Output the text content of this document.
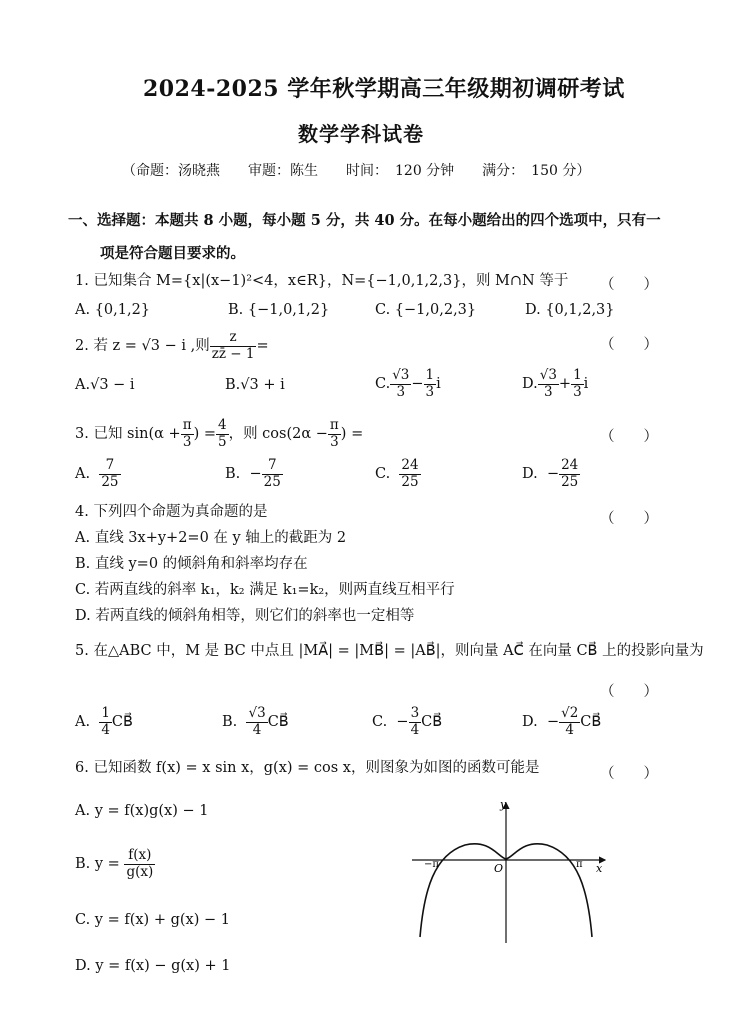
2024-2025 学年秋学期高三年级期初调研考试
数学学科试卷
（命题：汤晓燕　　审题：陈生　　时间：　120 分钟　　满分：　150 分）
一、选择题：本题共 8 小题，每小题 5 分，共 40 分。在每小题给出的四个选项中，只有一
项是符合题目要求的。
1. 已知集合 M={x|(x−1)²<4，x∈R}，N={−1,0,1,2,3}，则 M∩N 等于 （　　）
A. {0,1,2}	B. {−1,0,1,2}	C. {−1,0,2,3}	D. {0,1,2,3}
2. 若 z = √3 − i ,则 $\frac{z}{zz̄ - 1}$ =	（　　）
A.√3 − i	B.√3 + i	C. $\frac{√3}{3} - \frac{1}{3}$ i	D. $\frac{√3}{3} + \frac{1}{3}$ i
3. 已知 $\sin(\alpha + \frac{\pi}{3}$ ) = $\frac{4}{5}$ ，则 $\cos(2\alpha - \frac{\pi}{3}$ ) =	（　　）
A. $\frac{7}{25}$	B. − $\frac{7}{25}$	C. $\frac{24}{25}$	D. − $\frac{24}{25}$
4. 下列四个命题为真命题的是	（　　）
A. 直线 3x+y+2=0 在 y 轴上的截距为 2
B. 直线 y=0 的倾斜角和斜率均存在
C. 若两直线的斜率 k₁，k₂ 满足 k₁=k₂，则两直线互相平行
D. 若两直线的倾斜角相等，则它们的斜率也一定相等
5. 在△ABC 中，M 是 BC 中点且 |MA⃗| = |MB⃗| = |AB⃗|，则向量 AC⃗ 在向量 CB⃗ 上的投影向量为
（　　）
A. $\frac{1}{4}$ CB⃗	B. $\frac{√3}{4}$ CB⃗	C. − $\frac{3}{4}$ CB⃗	D. − $\frac{√2}{4}$ CB⃗
6. 已知函数 f(x) = x sin x，g(x) = cos x，则图象为如图的函数可能是	（　　）
A. y = f(x)g(x) − 1
B. $y = \frac{f(x)}{g(x)}$
C. y = f(x) + g(x) − 1
D. y = f(x) − g(x) + 1
y
x
O
−π	π
